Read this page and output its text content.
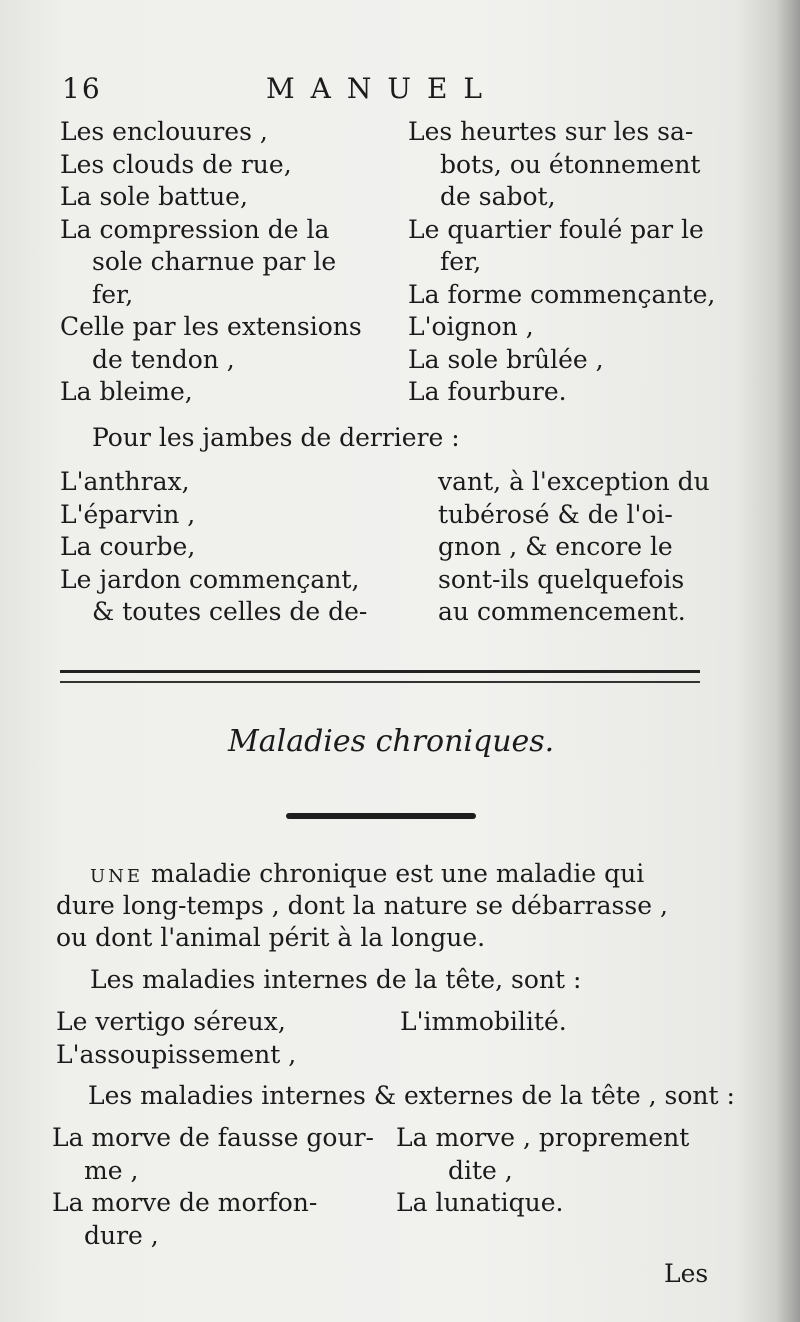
16	MANUEL
Les enclouures ,
Les clouds de rue,
La sole battue,
La compression de la
sole charnue par le
fer,
Celle par les extensions
de tendon ,
La bleime,
Les heurtes sur les sa-
bots, ou étonnement
de sabot,
Le quartier foulé par le
fer,
La forme commençante,
L'oignon ,
La sole brûlée ,
La fourbure.
Pour les jambes de derriere :
L'anthrax,
L'éparvin ,
La courbe,
Le jardon commençant,
& toutes celles de de-
vant, à l'exception du
tubérosé & de l'oi-
gnon , & encore le
sont-ils quelquefois
au commencement.
Maladies chroniques.
UNE maladie chronique est une maladie qui
dure long-temps , dont la nature se débarrasse ,
ou dont l'animal périt à la longue.
Les maladies internes de la tête, sont :
Le vertigo séreux,
L'assoupissement ,
L'immobilité.
Les maladies internes & externes de la tête , sont :
La morve de fausse gour-
me ,
La morve de morfon-
dure ,
La morve , proprement
dite ,
La lunatique.
Les
